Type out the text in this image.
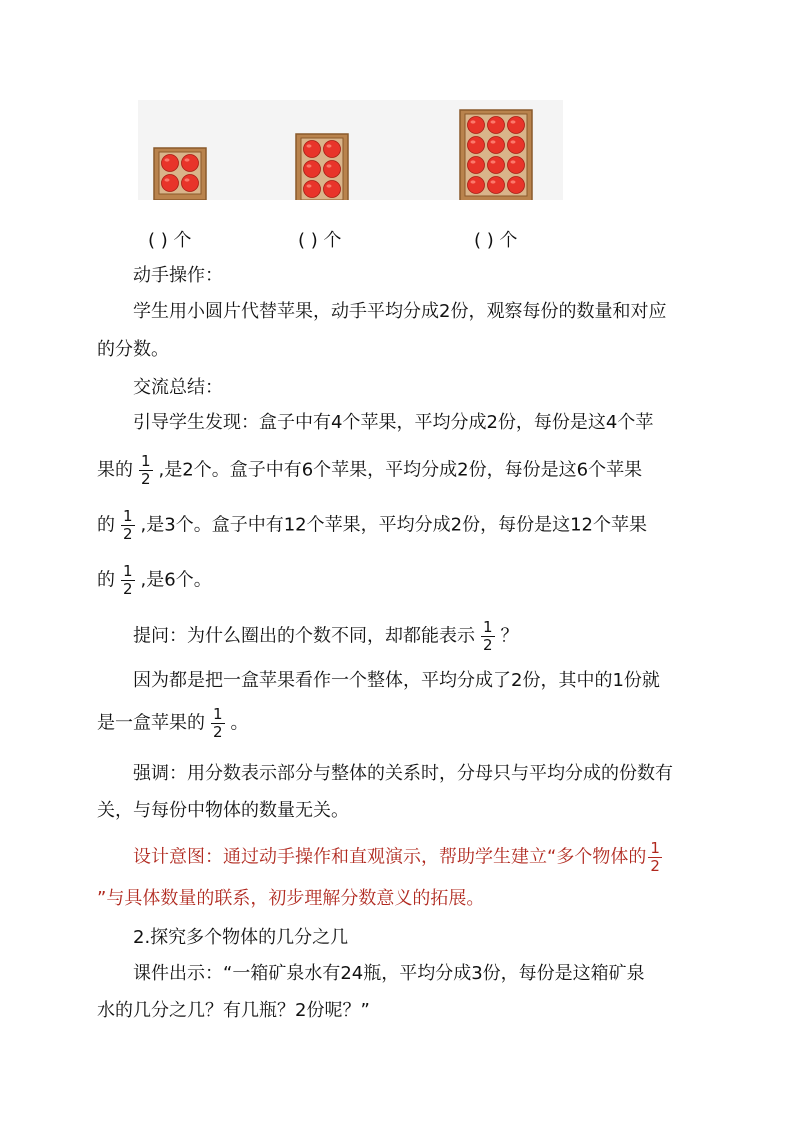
( ) 个	( ) 个	( ) 个
动手操作：
学生用小圆片代替苹果，动手平均分成2份，观察每份的数量和对应
的分数。
交流总结：
引导学生发现：盒子中有4个苹果，平均分成2份，每份是这4个苹
果的 $\frac{1}{2}$ ,是2个。盒子中有6个苹果，平均分成2份，每份是这6个苹果
的 $\frac{1}{2}$ ,是3个。盒子中有12个苹果，平均分成2份，每份是这12个苹果
的 $\frac{1}{2}$ ,是6个。
提问：为什么圈出的个数不同，却都能表示 $\frac{1}{2}$ ？
因为都是把一盒苹果看作一个整体，平均分成了2份，其中的1份就
是一盒苹果的 $\frac{1}{2}$ 。
强调：用分数表示部分与整体的关系时，分母只与平均分成的份数有
关，与每份中物体的数量无关。
设计意图：通过动手操作和直观演示，帮助学生建立“多个物体的 $\frac{1}{2}$
”与具体数量的联系，初步理解分数意义的拓展。
2.探究多个物体的几分之几
课件出示：“一箱矿泉水有24瓶，平均分成3份，每份是这箱矿泉
水的几分之几？有几瓶？2份呢？”
